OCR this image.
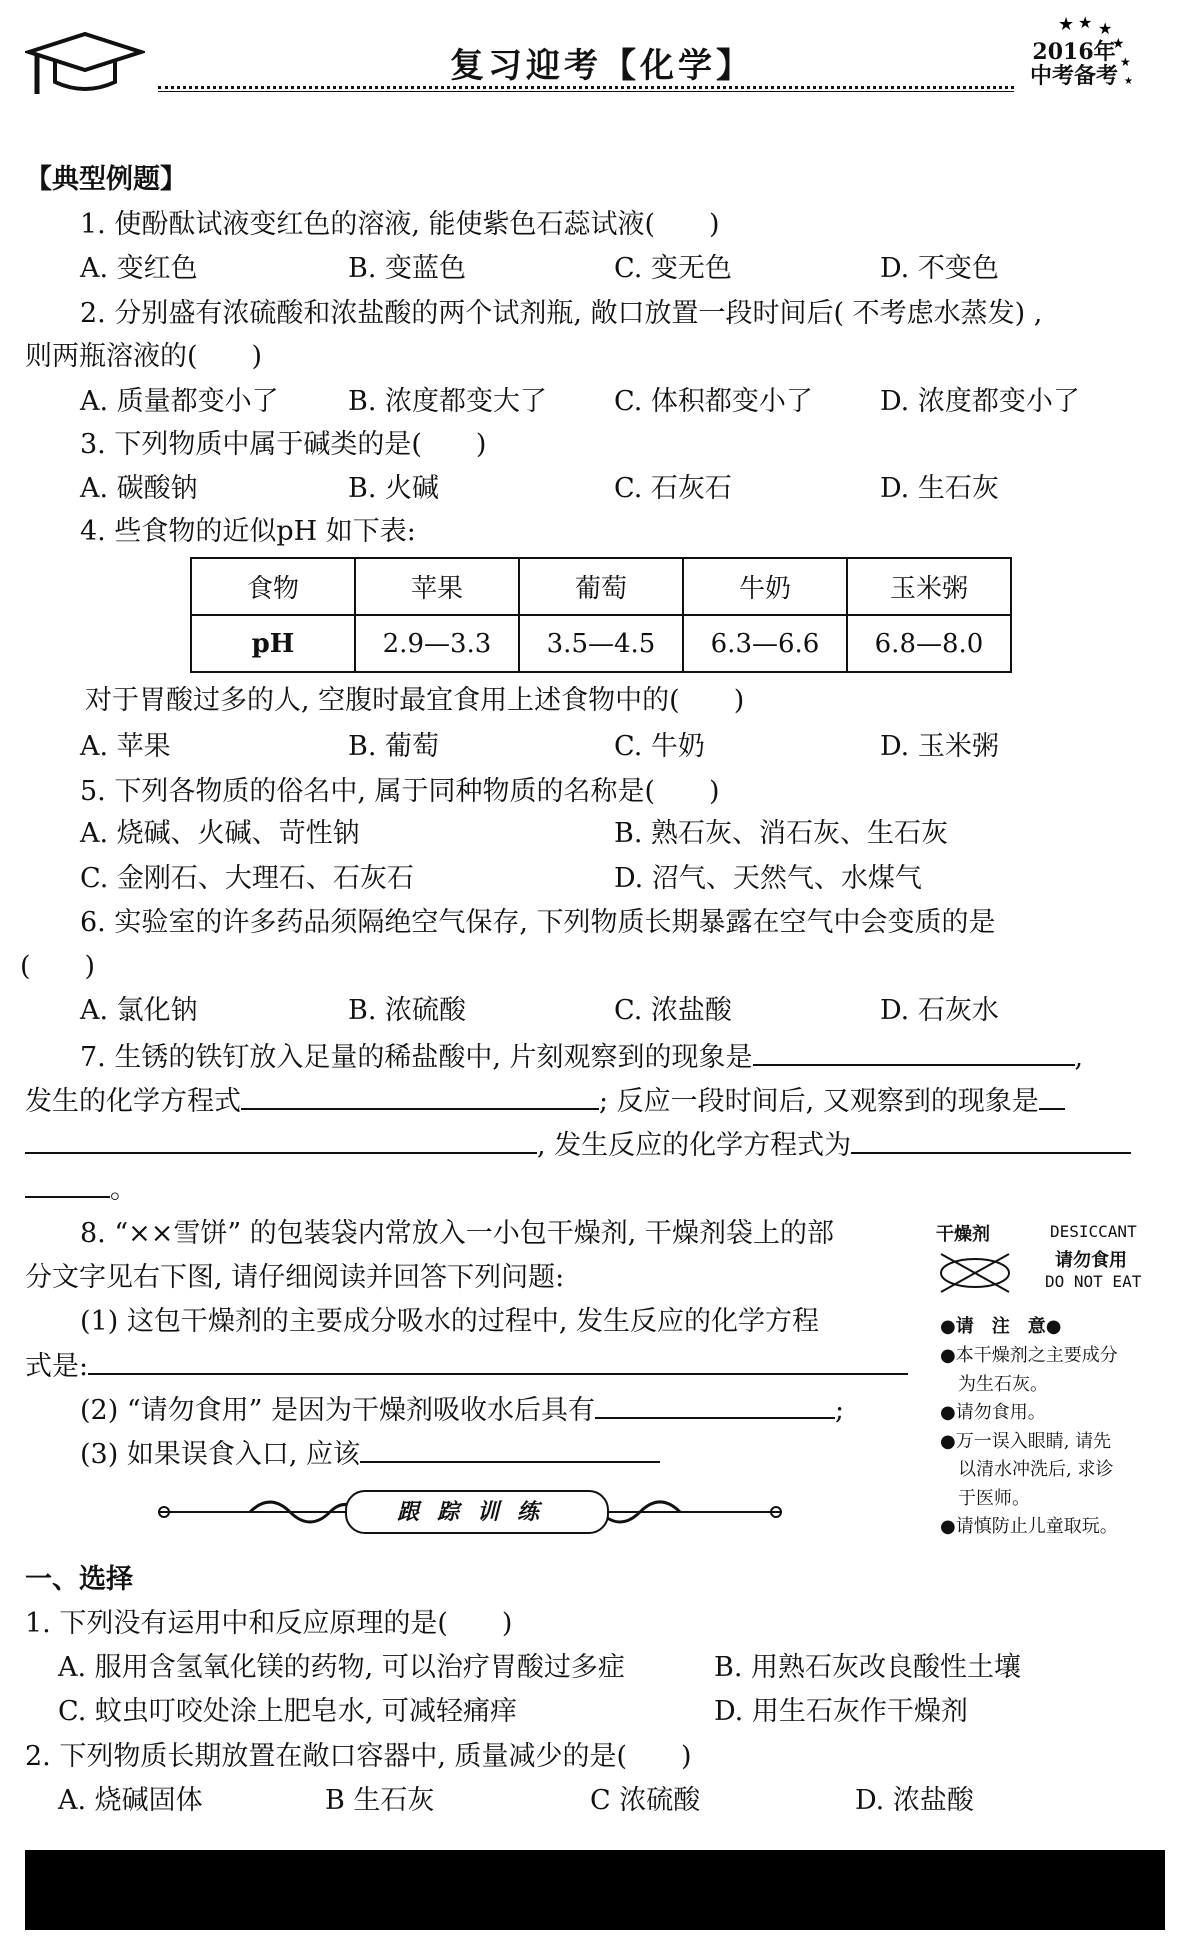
复习迎考【化学】
★ ★ ★
★
★
★
2016年
中考备考
【典型例题】
1. 使酚酞试液变红色的溶液, 能使紫色石蕊试液(　　)
A. 变红色	B. 变蓝色	C. 变无色	D. 不变色
2. 分别盛有浓硫酸和浓盐酸的两个试剂瓶, 敞口放置一段时间后( 不考虑水蒸发) ,
则两瓶溶液的(　　)
A. 质量都变小了	B. 浓度都变大了 C. 体积都变小了 D. 浓度都变小了
3. 下列物质中属于碱类的是(　　)
A. 碳酸钠	B. 火碱	C. 石灰石	D. 生石灰
4. 些食物的近似pH 如下表:
食物	苹果	葡萄	牛奶	玉米粥
pH	2.9—3.3	3.5—4.5	6.3—6.6	6.8—8.0
对于胃酸过多的人, 空腹时最宜食用上述食物中的(　　)
A. 苹果	B. 葡萄	C. 牛奶	D. 玉米粥
5. 下列各物质的俗名中, 属于同种物质的名称是(　　)
A. 烧碱、火碱、苛性钠	B. 熟石灰、消石灰、生石灰
C. 金刚石、大理石、石灰石	D. 沼气、天然气、水煤气
6. 实验室的许多药品须隔绝空气保存, 下列物质长期暴露在空气中会变质的是
(　　)
A. 氯化钠	B. 浓硫酸	C. 浓盐酸	D. 石灰水
7. 生锈的铁钉放入足量的稀盐酸中, 片刻观察到的现象是	,
发生的化学方程式	; 反应一段时间后, 又观察到的现象是
, 发生反应的化学方程式为
。
8. “××雪饼” 的包装袋内常放入一小包干燥剂, 干燥剂袋上的部
分文字见右下图, 请仔细阅读并回答下列问题:
(1) 这包干燥剂的主要成分吸水的过程中, 发生反应的化学方程
式是:
(2) “请勿食用” 是因为干燥剂吸收水后具有	;
(3) 如果误食入口, 应该
干燥剂	DESICCANT
请勿食用
DO NOT EAT
●请　注　意●
●本干燥剂之主要成分
为生石灰。
●请勿食用。
●万一误入眼睛, 请先
以清水冲洗后, 求诊
于医师。
●请慎防止儿童取玩。
跟踪训练
一、选择
1. 下列没有运用中和反应原理的是(　　)
A. 服用含氢氧化镁的药物, 可以治疗胃酸过多症	B. 用熟石灰改良酸性土壤
C. 蚊虫叮咬处涂上肥皂水, 可减轻痛痒	D. 用生石灰作干燥剂
2. 下列物质长期放置在敞口容器中, 质量减少的是(　　)
A. 烧碱固体	B 生石灰	C 浓硫酸	D. 浓盐酸
